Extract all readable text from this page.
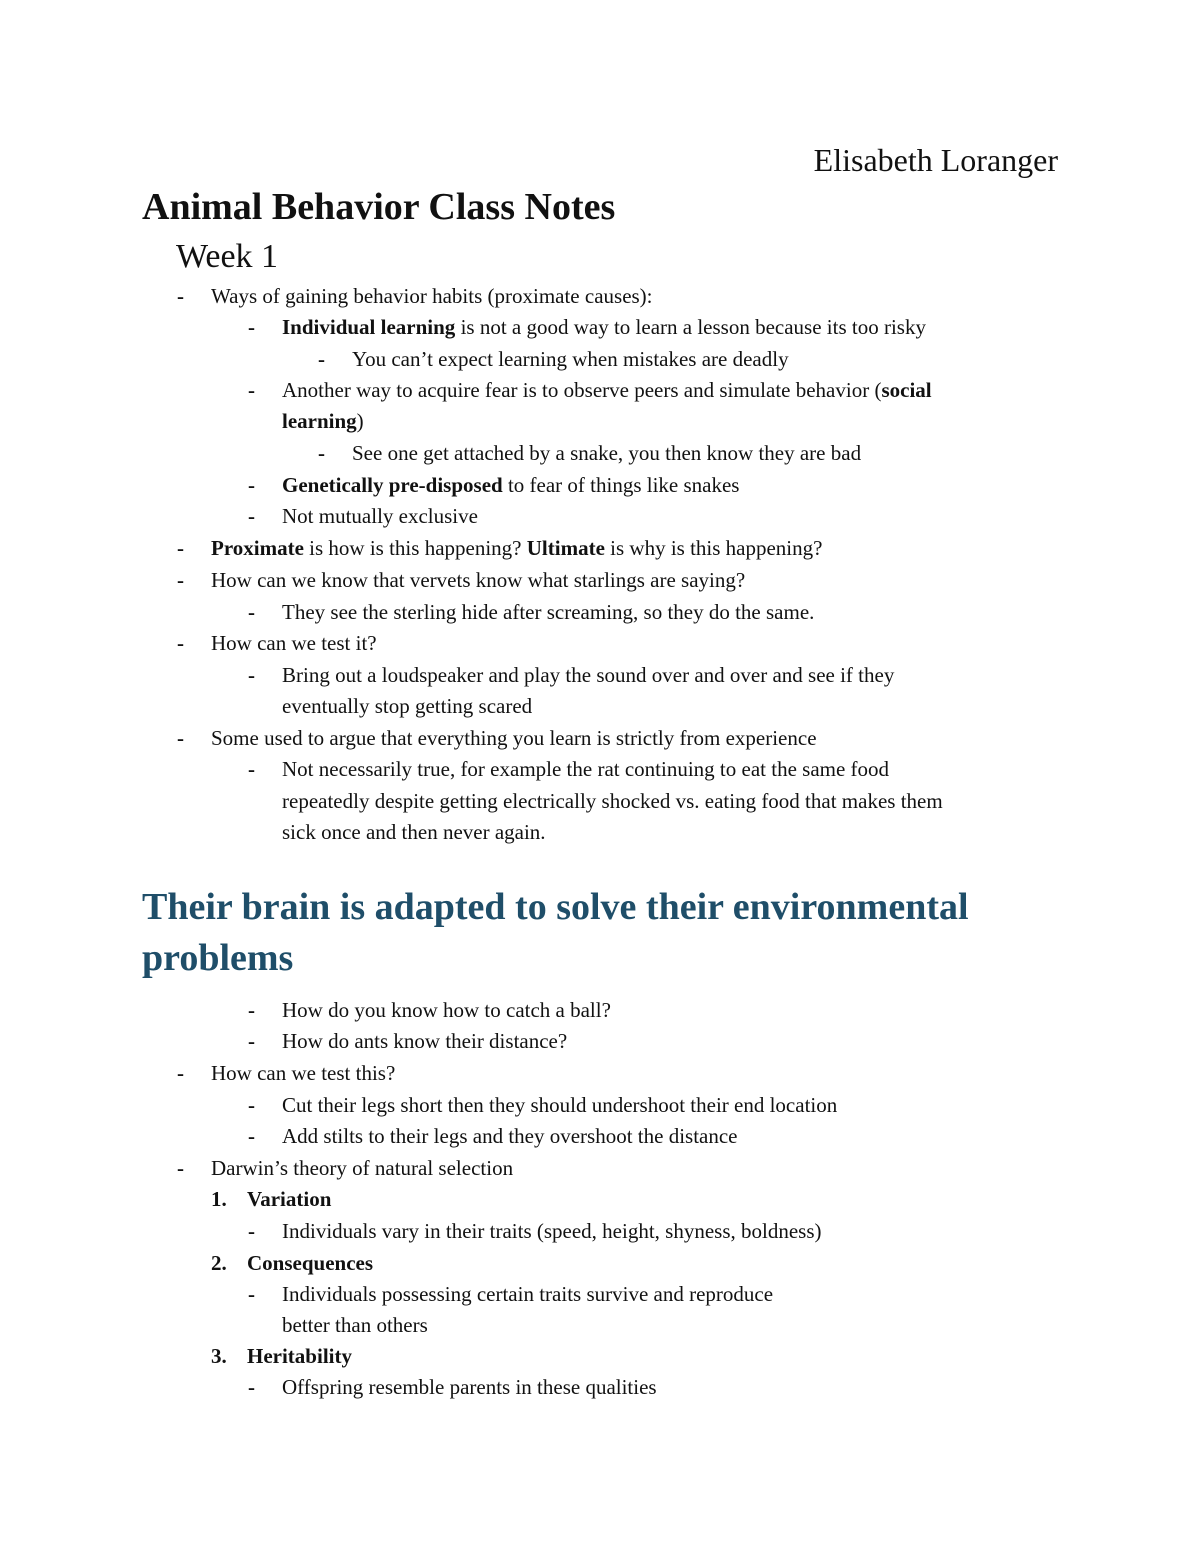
Elisabeth Loranger
Animal Behavior Class Notes
Week 1
-	Ways of gaining behavior habits (proximate causes):
-	Individual learning is not a good way to learn a lesson because its too risky
-	You can’t expect learning when mistakes are deadly
-	Another way to acquire fear is to observe peers and simulate behavior (social
learning)
-	See one get attached by a snake, you then know they are bad
-	Genetically pre-disposed to fear of things like snakes
-	Not mutually exclusive
-	Proximate is how is this happening? Ultimate is why is this happening?
-	How can we know that vervets know what starlings are saying?
-	They see the sterling hide after screaming, so they do the same.
-	How can we test it?
-	Bring out a loudspeaker and play the sound over and over and see if they
eventually stop getting scared
-	Some used to argue that everything you learn is strictly from experience
-	Not necessarily true, for example the rat continuing to eat the same food
repeatedly despite getting electrically shocked vs. eating food that makes them
sick once and then never again.
Their brain is adapted to solve their environmental problems
-	How do you know how to catch a ball?
-	How do ants know their distance?
-	How can we test this?
-	Cut their legs short then they should undershoot their end location
-	Add stilts to their legs and they overshoot the distance
-	Darwin’s theory of natural selection
1. Variation
-	Individuals vary in their traits (speed, height, shyness, boldness)
2. Consequences
-	Individuals possessing certain traits survive and reproduce
better than others
3. Heritability
-	Offspring resemble parents in these qualities
